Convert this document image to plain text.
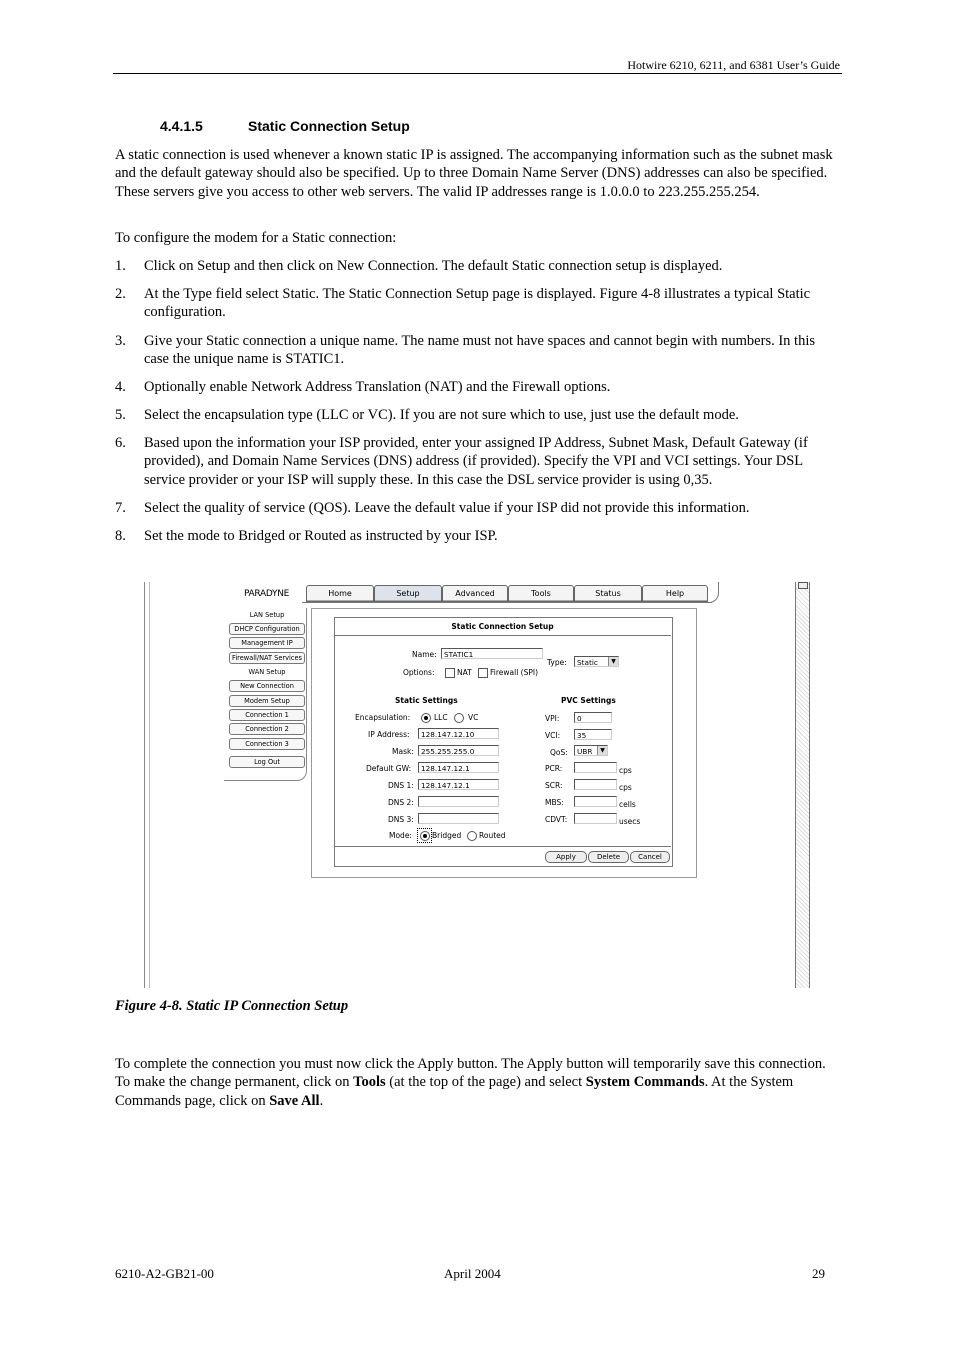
Hotwire 6210, 6211, and 6381 User’s Guide
4.4.1.5	Static Connection Setup
A static connection is used whenever a known static IP is assigned. The accompanying information such as the subnet mask and the default gateway should also be specified. Up to three Domain Name Server (DNS) addresses can also be specified. These servers give you access to other web servers. The valid IP addresses range is 1.0.0.0 to 223.255.255.254.
To configure the modem for a Static connection:
1. Click on Setup and then click on New Connection. The default Static connection setup is displayed.
2. At the Type field select Static. The Static Connection Setup page is displayed. Figure 4-8 illustrates a typical Static configuration.
3. Give your Static connection a unique name. The name must not have spaces and cannot begin with numbers. In this case the unique name is STATIC1.
4. Optionally enable Network Address Translation (NAT) and the Firewall options.
5. Select the encapsulation type (LLC or VC). If you are not sure which to use, just use the default mode.
6. Based upon the information your ISP provided, enter your assigned IP Address, Subnet Mask, Default Gateway (if provided), and Domain Name Services (DNS) address (if provided). Specify the VPI and VCI settings. Your DSL service provider or your ISP will supply these. In this case the DSL service provider is using 0,35.
7. Select the quality of service (QOS). Leave the default value if your ISP did not provide this information.
8. Set the mode to Bridged or Routed as instructed by your ISP.
PARADYNE	Home	Setup	Advanced	Tools	Status	Help
LAN Setup
DHCP Configuration
Management IP
Firewall/NAT Services
WAN Setup
New Connection
Modem Setup
Connection 1
Connection 2
Connection 3
Log Out
Static Connection Setup
Name:	STATIC1
Type:	Static	▼
Options:	NAT Firewall (SPI)
Static Settings	PVC Settings
Encapsulation:	LLC	VC
IP Address:	128.147.12.10
Mask: 255.255.255.0
Default GW:	128.147.12.1
DNS 1: 128.147.12.1
DNS 2:
DNS 3:
Mode:	Bridged Routed
VPI:	0
VCI:	35
QoS:	UBR	▼
PCR:	cps
SCR:	cps
MBS:	cells
CDVT:	usecs
Apply	Delete	Cancel
Figure 4-8. Static IP Connection Setup
To complete the connection you must now click the Apply button. The Apply button will temporarily save this connection. To make the change permanent, click on Tools (at the top of the page) and select System Commands. At the System Commands page, click on Save All.
6210-A2-GB21-00	April 2004	29
